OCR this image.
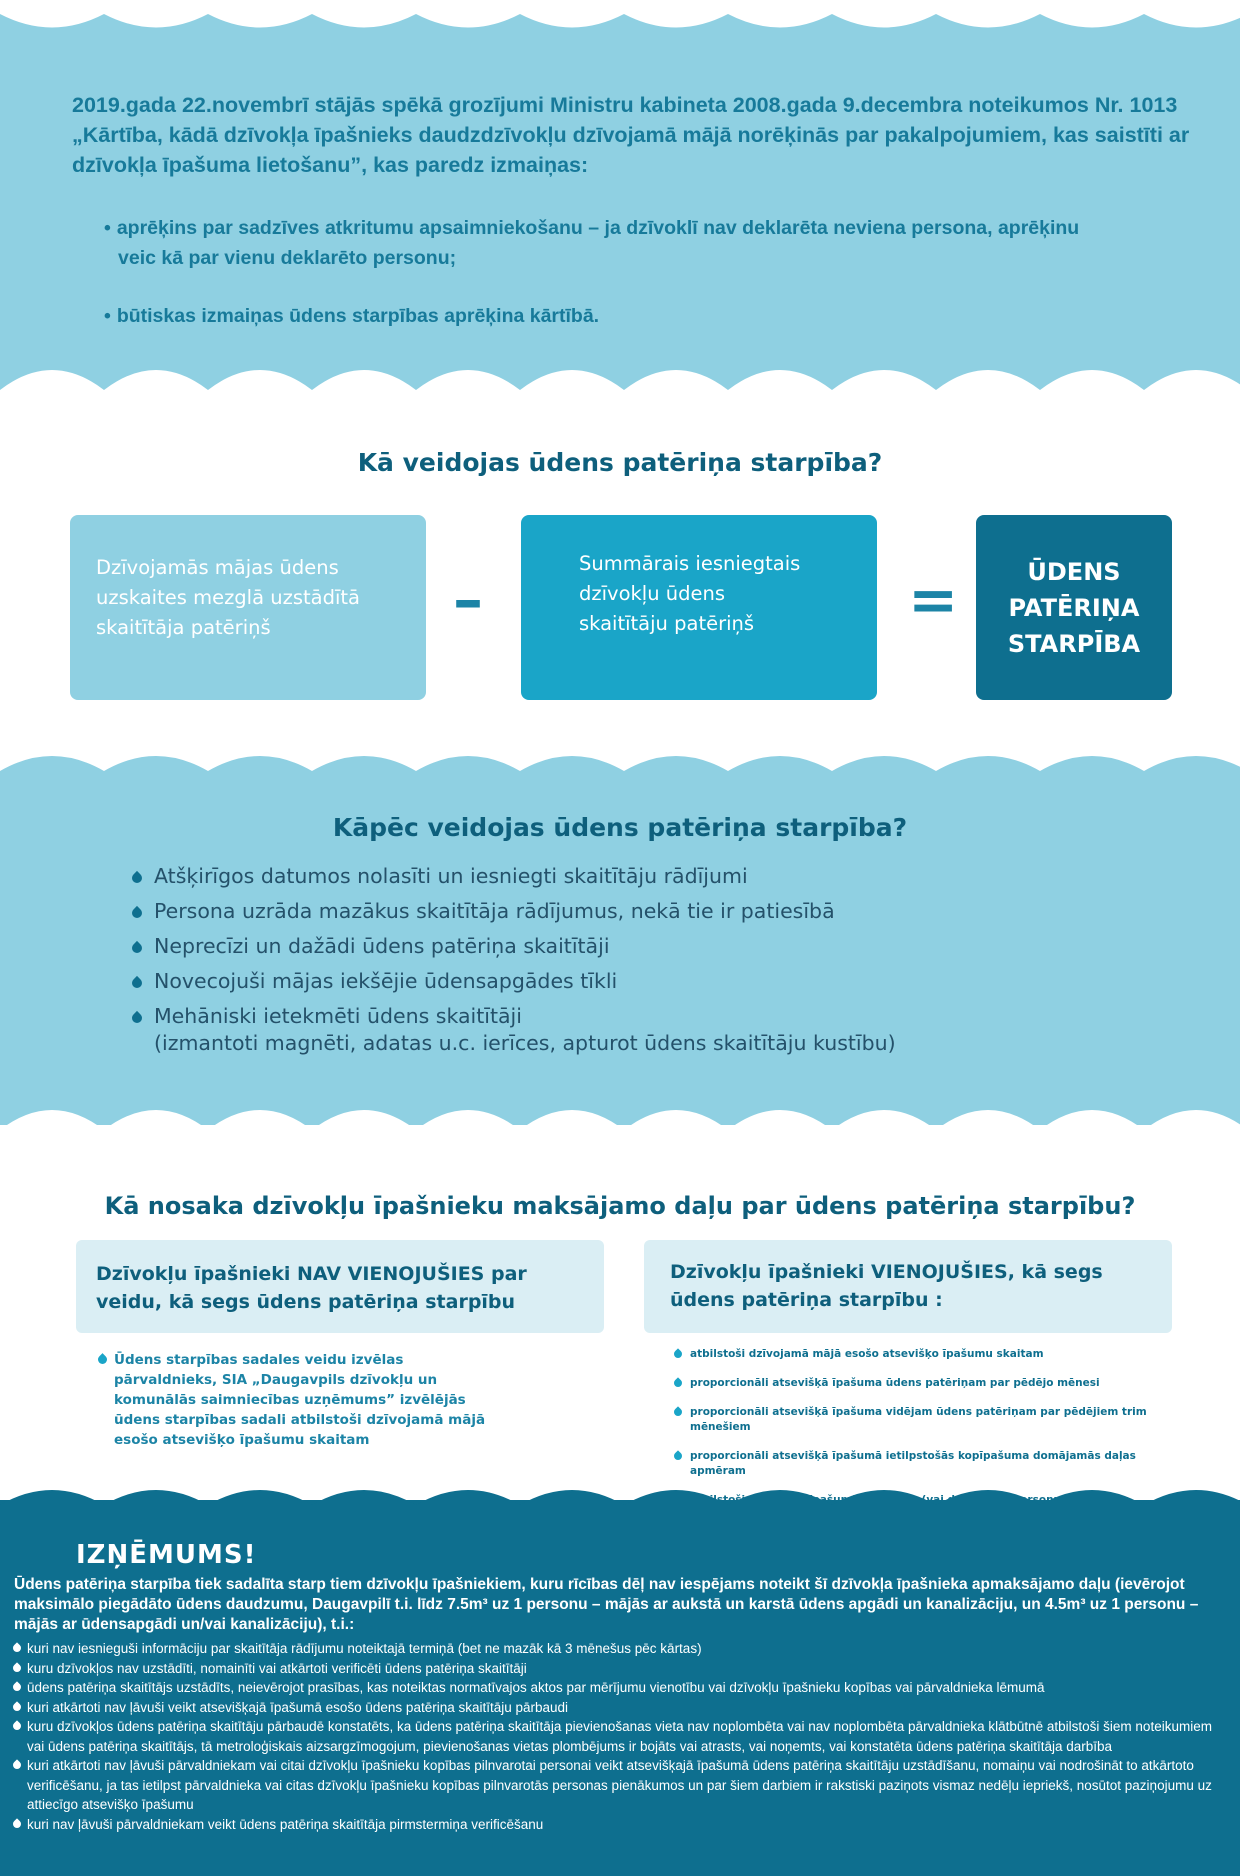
2019.gada 22.novembrī stājās spēkā grozījumi Ministru kabineta 2008.gada 9.decembra noteikumos Nr. 1013 „Kārtība, kādā dzīvokļa īpašnieks daudzdzīvokļu dzīvojamā mājā norēķinās par pakalpojumiem, kas saistīti ar dzīvokļa īpašuma lietošanu”, kas paredz izmaiņas:

• aprēķins par sadzīves atkritumu apsaimniekošanu – ja dzīvoklī nav deklarēta neviena persona, aprēķinu veic kā par vienu deklarēto personu;
• būtiskas izmaiņas ūdens starpības aprēķina kārtībā.
Kā veidojas ūdens patēriņa starpība?
Dzīvojamās mājas ūdens uzskaites mezglā uzstādītā skaitītāja patēriņš	–
Summārais iesniegtais dzīvokļu ūdens skaitītāju patēriņš	=	ŪDENS
PATĒRIŅA
STARPĪBA
Kāpēc veidojas ūdens patēriņa starpība?
Atšķirīgos datumos nolasīti un iesniegti skaitītāju rādījumi
Persona uzrāda mazākus skaitītāja rādījumus, nekā tie ir patiesībā
Neprecīzi un dažādi ūdens patēriņa skaitītāji
Novecojuši mājas iekšējie ūdensapgādes tīkli
Mehāniski ietekmēti ūdens skaitītāji
(izmantoti magnēti, adatas u.c. ierīces, apturot ūdens skaitītāju kustību)
Kā nosaka dzīvokļu īpašnieku maksājamo daļu par ūdens patēriņa starpību?

Dzīvokļu īpašnieki NAV VIENOJUŠIES par veidu, kā segs ūdens patēriņa starpību

Dzīvokļu īpašnieki VIENOJUŠIES, kā segs ūdens patēriņa starpību :

Ūdens starpības sadales veidu izvēlas pārvaldnieks, SIA „Daugavpils dzīvokļu un komunālās saimniecības uzņēmums” izvēlējās ūdens starpības sadali atbilstoši dzīvojamā mājā esošo atsevišķo īpašumu skaitam
atbilstoši dzīvojamā mājā esošo atsevišķo īpašumu skaitam
proporcionāli atsevišķā īpašuma ūdens patēriņam par pēdējo mēnesi
proporcionāli atsevišķā īpašuma vidējam ūdens patēriņam par pēdējiem trim mēnešiem
proporcionāli atsevišķā īpašumā ietilpstošās kopīpašuma domājamās daļas apmēram
IZŅĒMUMS!

Ūdens patēriņa starpība tiek sadalīta starp tiem dzīvokļu īpašniekiem, kuru rīcības dēļ nav iespējams noteikt šī dzīvokļa īpašnieka apmaksājamo daļu (ievērojot maksimālo piegādāto ūdens daudzumu, Daugavpilī t.i. līdz 7.5m³ uz 1 personu – mājās ar aukstā un karstā ūdens apgādi un kanalizāciju, un 4.5m³ uz 1 personu – mājās ar ūdensapgādi un/vai kanalizāciju), t.i.:

kuri nav iesnieguši informāciju par skaitītāja rādījumu noteiktajā termiņā (bet ne mazāk kā 3 mēnešus pēc kārtas)
kuru dzīvokļos nav uzstādīti, nomainīti vai atkārtoti verificēti ūdens patēriņa skaitītāji
ūdens patēriņa skaitītājs uzstādīts, neievērojot prasības, kas noteiktas normatīvajos aktos par mērījumu vienotību vai dzīvokļu īpašnieku kopības vai pārvaldnieka lēmumā
kuri atkārtoti nav ļāvuši veikt atsevišķajā īpašumā esošo ūdens patēriņa skaitītāju pārbaudi
kuru dzīvokļos ūdens patēriņa skaitītāju pārbaudē konstatēts, ka ūdens patēriņa skaitītāja pievienošanas vieta nav noplombēta vai nav noplombēta pārvaldnieka klātbūtnē atbilstoši šiem noteikumiem vai ūdens patēriņa skaitītājs, tā metroloģiskais aizsargzīmogojum, pievienošanas vietas plombējums ir bojāts vai atrasts, vai noņemts, vai konstatēta ūdens patēriņa skaitītāja darbība
kuri atkārtoti nav ļāvuši pārvaldniekam vai citai dzīvokļu īpašnieku kopības pilnvarotai personai veikt atsevišķajā īpašumā ūdens patēriņa skaitītāju uzstādīšanu, nomaiņu vai nodrošināt to atkārtoto verificēšanu, ja tas ietilpst pārvaldnieka vai citas dzīvokļu īpašnieku kopības pilnvarotās personas pienākumos un par šiem darbiem ir rakstiski paziņots vismaz nedēļu iepriekš, nosūtot paziņojumu uz attiecīgo atsevišķo īpašumu
kuri nav ļāvuši pārvaldniekam veikt ūdens patēriņa skaitītāja pirmstermiņa verificēšanu
